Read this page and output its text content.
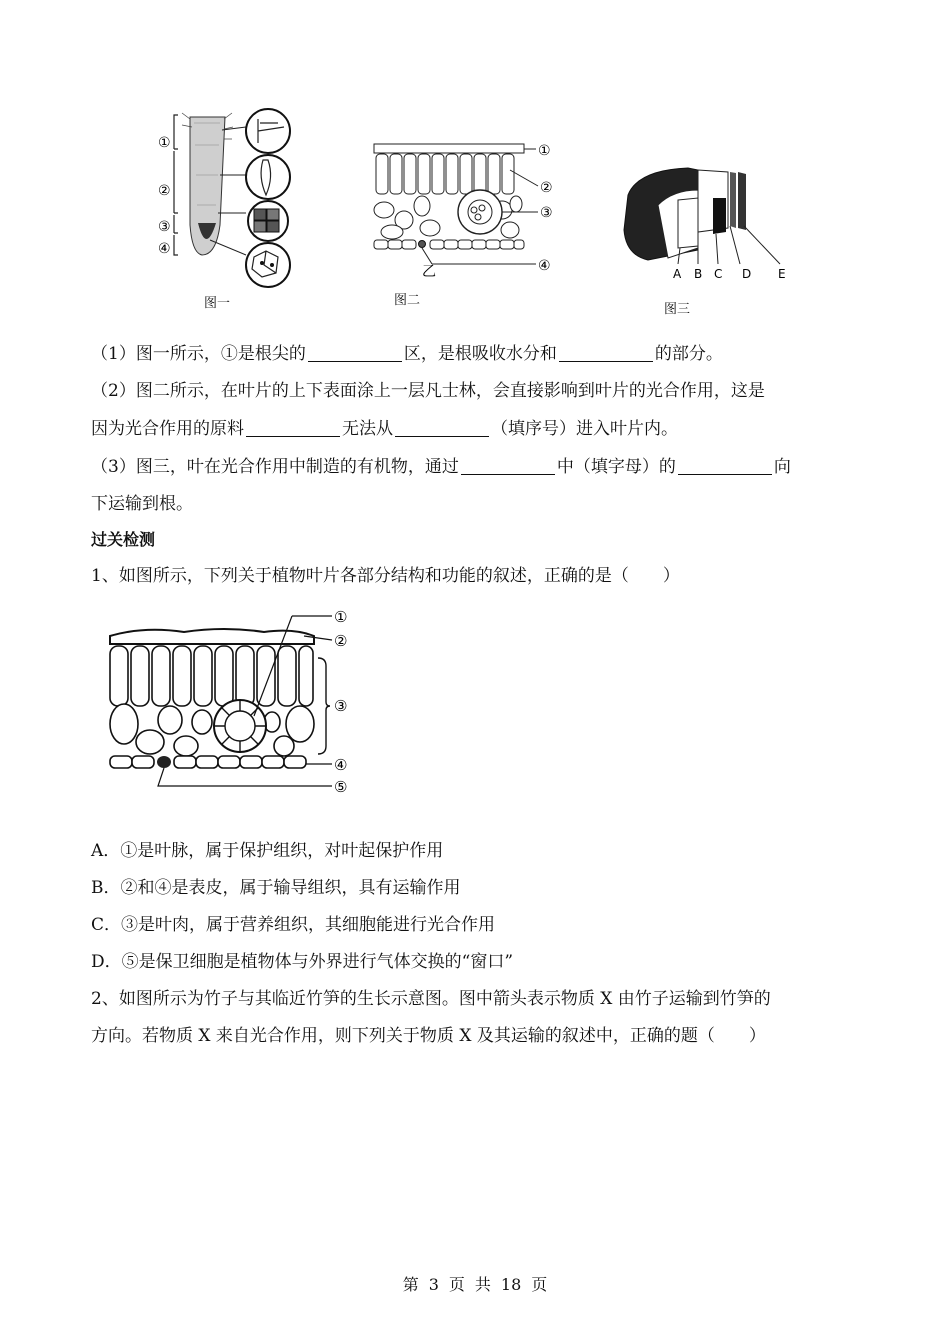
①
②
③
④
图一
①
②
③
④
乙
图二
A B C D E
图三
（1）图一所示，①是根尖的	区，是根吸收水分和	的部分。
（2）图二所示，在叶片的上下表面涂上一层凡士林，会直接影响到叶片的光合作用，这是
因为光合作用的原料	无法从	（填序号）进入叶片内。
（3）图三，叶在光合作用中制造的有机物，通过	中（填字母）的	向
下运输到根。
过关检测
1、如图所示，下列关于植物叶片各部分结构和功能的叙述，正确的是（　　）
①
②
③
④
⑤
A．①是叶脉，属于保护组织，对叶起保护作用
B．②和④是表皮，属于输导组织，具有运输作用
C．③是叶肉，属于营养组织，其细胞能进行光合作用
D．⑤是保卫细胞是植物体与外界进行气体交换的“窗口”
2、如图所示为竹子与其临近竹笋的生长示意图。图中箭头表示物质 X 由竹子运输到竹笋的
方向。若物质 X 来自光合作用，则下列关于物质 X 及其运输的叙述中，正确的题（　　）
第 3 页 共 18 页
